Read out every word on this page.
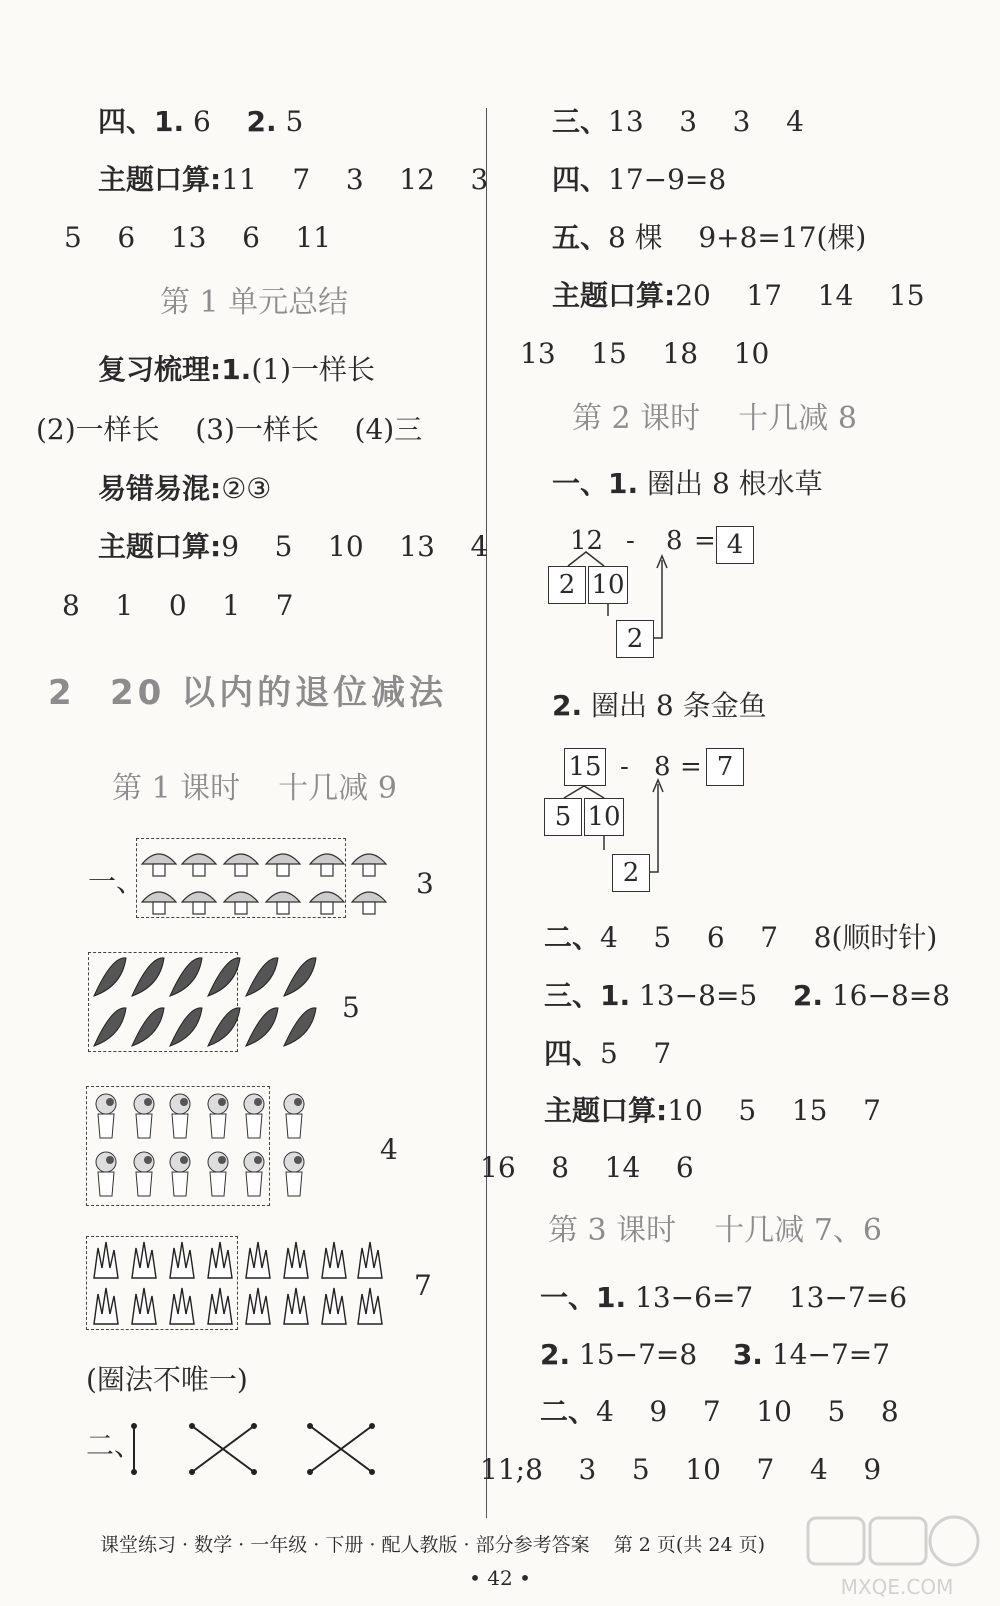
四、1. 6 2. 5
主题口算:11    7    3    12    3
5    6    13    6    11
第 1 单元总结
复习梳理:1.(1)一样长
(2)一样长    (3)一样长    (4)三
易错易混:②③
主题口算:9    5    10    13    4
8    1    0    1    7
2 20 以内的退位减法
第 1 课时    十几减 9
一、	3
5
4
7
(圈法不唯一)
二、
三、13    3    3    4
四、17−9=8
五、8 棵    9+8=17(棵)
主题口算:20    17    14    15
13    15    18    10
第 2 课时    十几减 8
一、1. 圈出 8 根水草
12 - 8 = 4
2 10
2
2. 圈出 8 条金鱼
15 - 8 = 7
5 10
2
二、4    5    6    7    8(顺时针)
三、1. 13−8=5 2. 16−8=8
四、5    7
主题口算:10    5    15    7
16    8    14    6
第 3 课时    十几减 7、6
一、1. 13−6=7    13−7=6
2. 15−7=8 3. 14−7=7
二、4    9    7    10    5    8
11;8    3    5    10    7    4    9
课堂练习 · 数学 · 一年级 · 下册 · 配人教版 · 部分参考答案    第 2 页(共 24 页)
• 42 •	MXQE.COM
